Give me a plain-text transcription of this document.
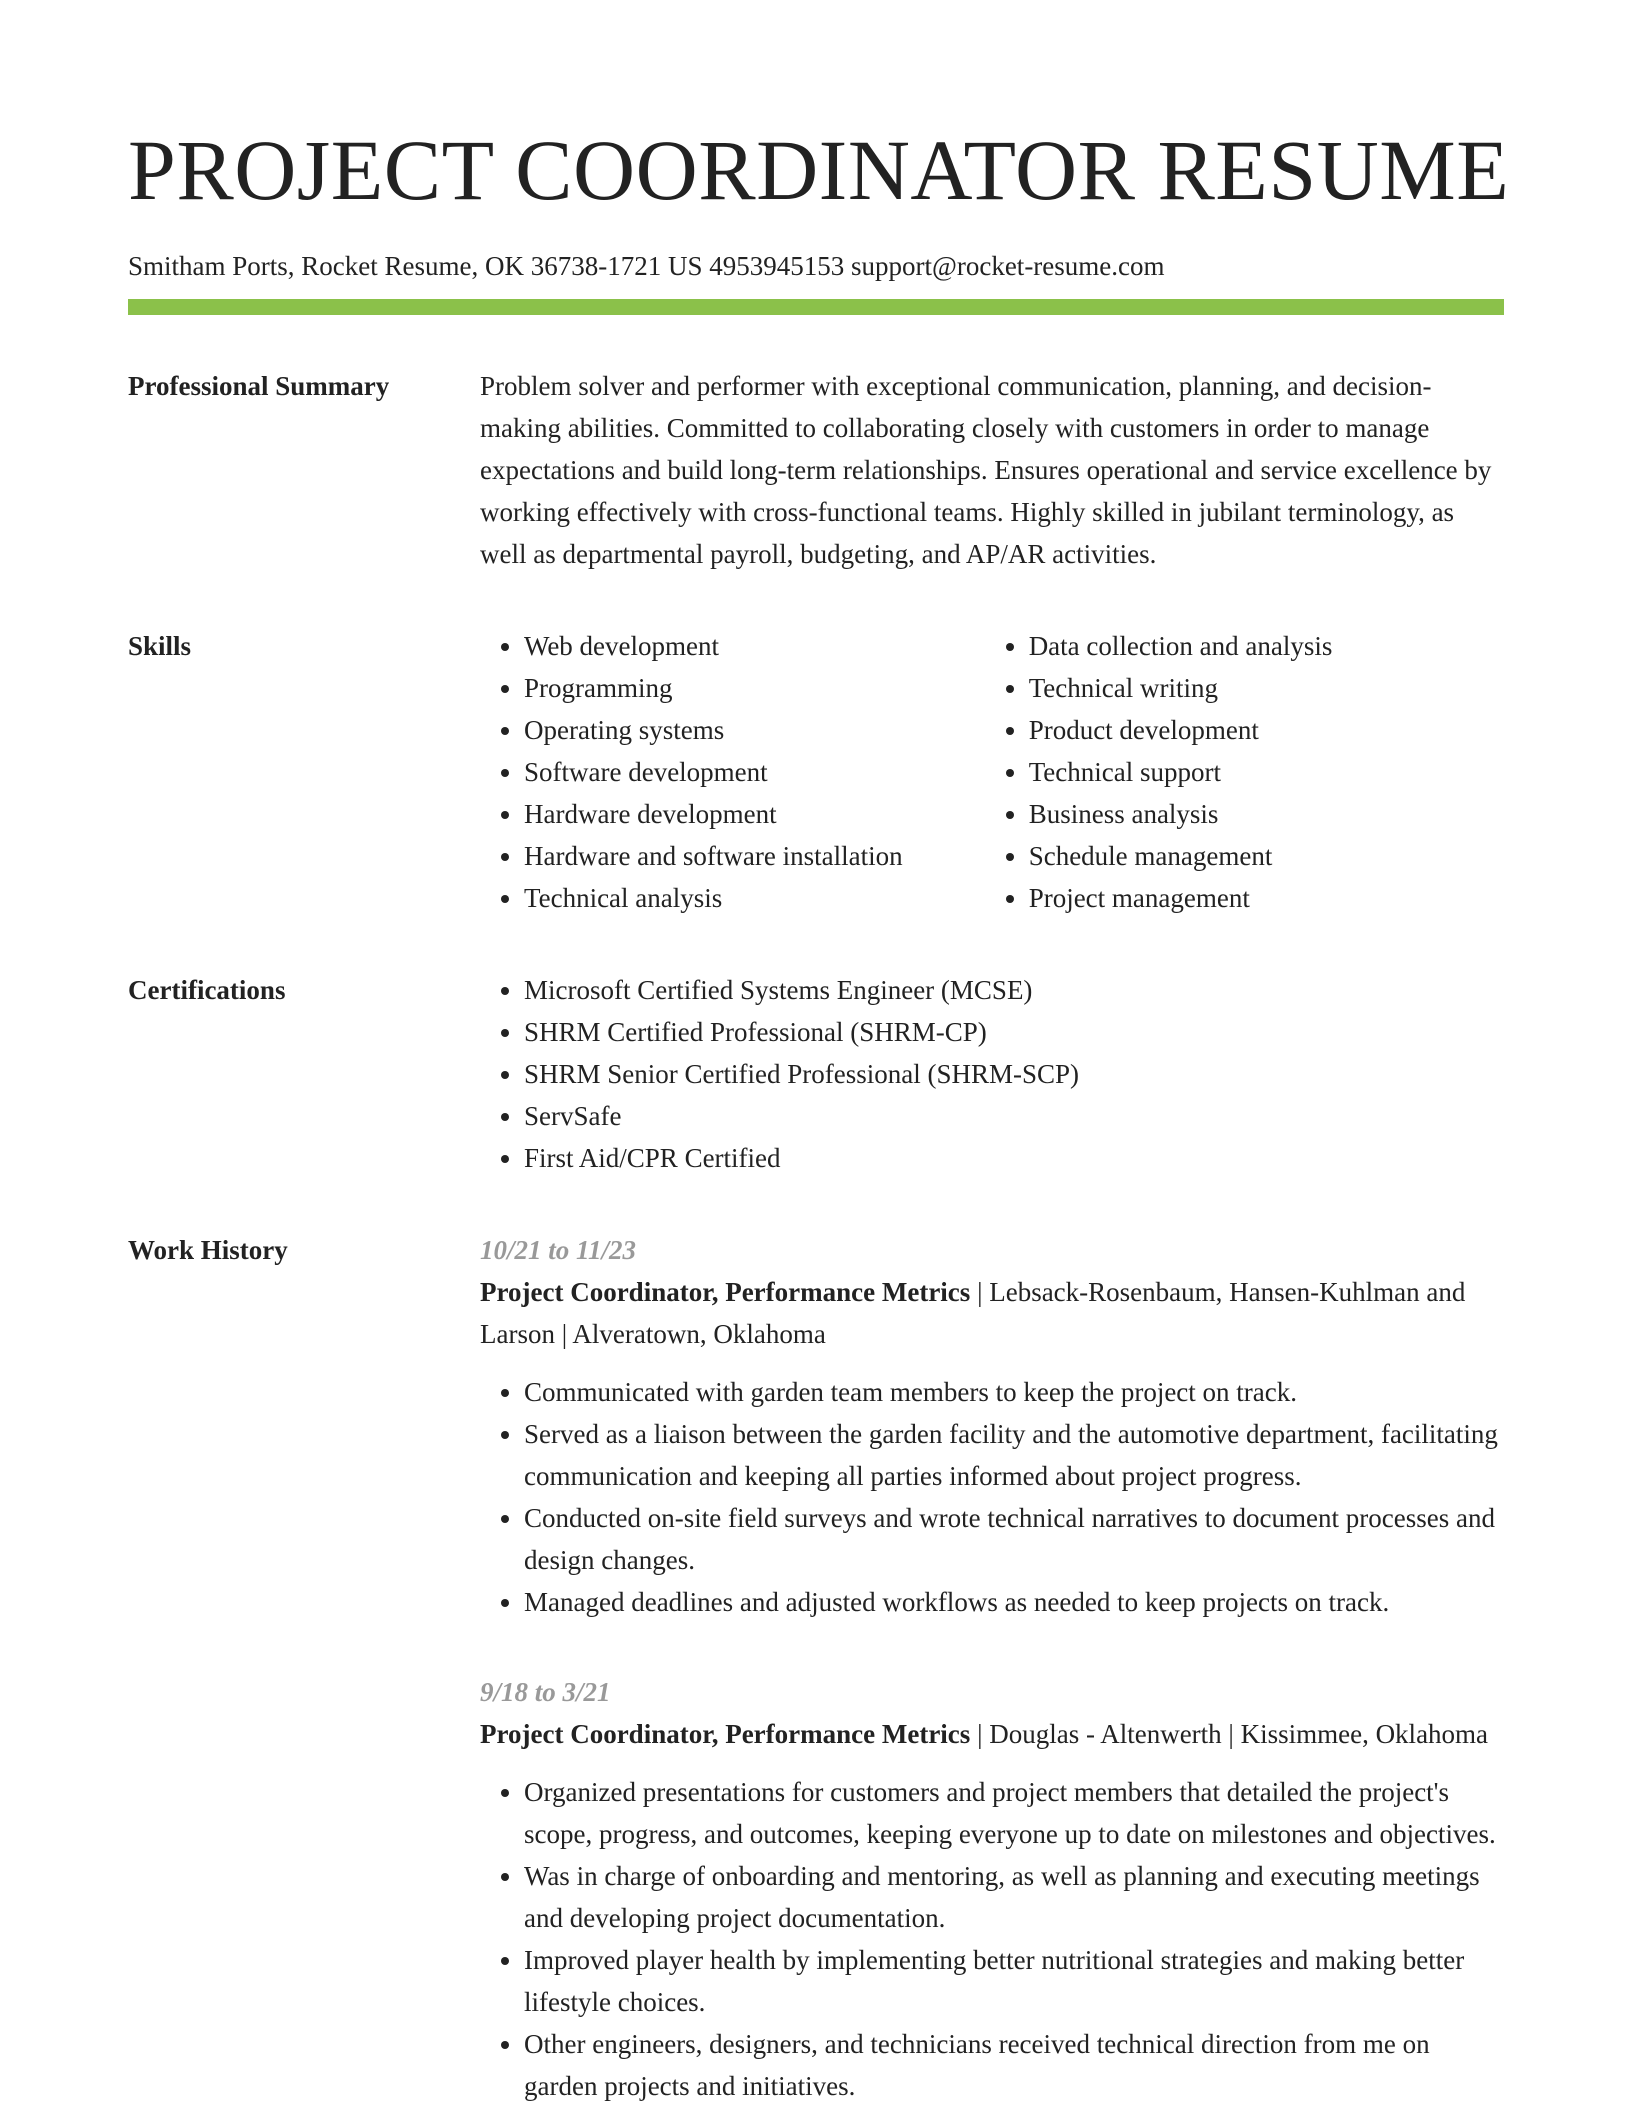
PROJECT COORDINATOR RESUME
Smitham Ports, Rocket Resume, OK 36738-1721 US 4953945153 support@rocket-resume.com
Professional Summary	Problem solver and performer with exceptional communication, planning, and decision-making abilities. Committed to collaborating closely with customers in order to manage expectations and build long-term relationships. Ensures operational and service excellence by working effectively with cross-functional teams. Highly skilled in jubilant terminology, as well as departmental payroll, budgeting, and AP/AR activities.

Skills	• Web development
• Programming
• Operating systems
• Software development
• Hardware development
• Hardware and software installation
• Technical analysis
• Data collection and analysis
• Technical writing
• Product development
• Technical support
• Business analysis
• Schedule management
• Project management
Certifications	• Microsoft Certified Systems Engineer (MCSE)
• SHRM Certified Professional (SHRM-CP)
• SHRM Senior Certified Professional (SHRM-SCP)
• ServSafe
• First Aid/CPR Certified
Work History	10/21 to 11/23
Project Coordinator, Performance Metrics | Lebsack-Rosenbaum, Hansen-Kuhlman and Larson | Alveratown, Oklahoma
• Communicated with garden team members to keep the project on track.
• Served as a liaison between the garden facility and the automotive department, facilitating communication and keeping all parties informed about project progress.
• Conducted on-site field surveys and wrote technical narratives to document processes and design changes.
• Managed deadlines and adjusted workflows as needed to keep projects on track.
9/18 to 3/21
Project Coordinator, Performance Metrics | Douglas - Altenwerth | Kissimmee, Oklahoma
• Organized presentations for customers and project members that detailed the project's scope, progress, and outcomes, keeping everyone up to date on milestones and objectives.
• Was in charge of onboarding and mentoring, as well as planning and executing meetings and developing project documentation.
• Improved player health by implementing better nutritional strategies and making better lifestyle choices.
• Other engineers, designers, and technicians received technical direction from me on garden projects and initiatives.
